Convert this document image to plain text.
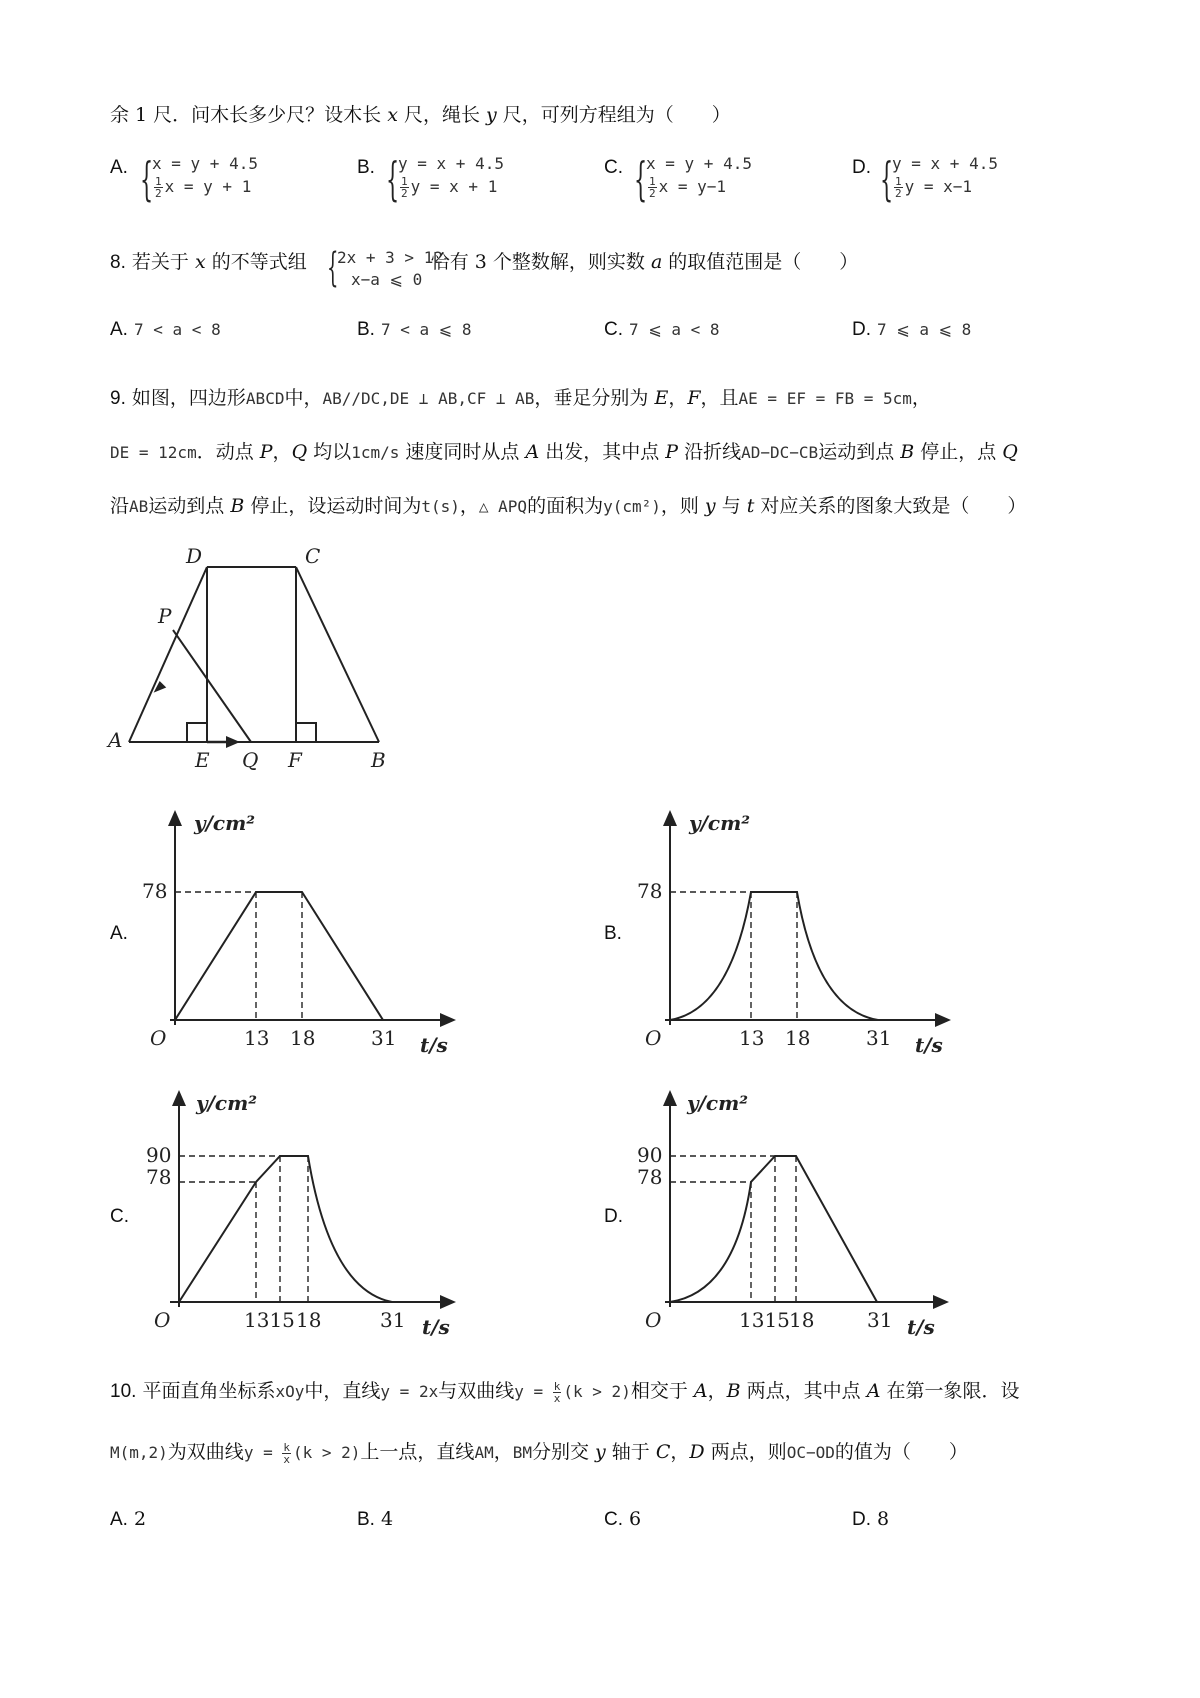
余 1 尺．问木长多少尺？设木长 x 尺，绳长 y 尺，可列方程组为（　　）
A. {
x = y + 4.5
$\frac{1}{2}$ x = y + 1
B. {
y = x + 4.5
$\frac{1}{2}$ y = x + 1
C. {
x = y + 4.5
$\frac{1}{2}$ x = y−1
D. {
y = x + 4.5
$\frac{1}{2}$ y = x−1
8. 若关于 x 的不等式组	恰有 3 个整数解，则实数 a 的取值范围是（　　）
{
2x + 3 > 12
x−a ⩽ 0
A. 7 < a < 8	B. 7 < a ⩽ 8	C. 7 ⩽ a < 8	D. 7 ⩽ a ⩽ 8
9. 如图，四边形ABCD中，AB//DC,DE ⊥ AB,CF ⊥ AB，垂足分别为 E，F，且AE = EF = FB = 5cm，
DE = 12cm．动点 P，Q 均以1cm/s 速度同时从点 A 出发，其中点 P 沿折线AD−DC−CB运动到点 B 停止，点 Q
沿AB运动到点 B 停止，设运动时间为t(s)，△ APQ的面积为y(cm²)，则 y 与 t 对应关系的图象大致是（　　）
A
B
C
D
E	F
P
Q
A.
y/cm²
78
O	13 18	31 t/s
B.
y/cm²
78
O	13 18	31 t/s
C.
y/cm²
90
78
O	1315 18	31 t/s
D.
y/cm²
90
78
O	1315 18	31 t/s
10. 平面直角坐标系xOy中，直线y = 2x与双曲线$y = \frac{k}{x} (k > 2)$相交于 A，B 两点，其中点 A 在第一象限．设
M(m,2)为双曲线$y = \frac{k}{x} (k > 2)$上一点，直线AM，BM分别交 y 轴于 C，D 两点，则OC−OD的值为（　　）
A. 2	B. 4	C. 6	D. 8
